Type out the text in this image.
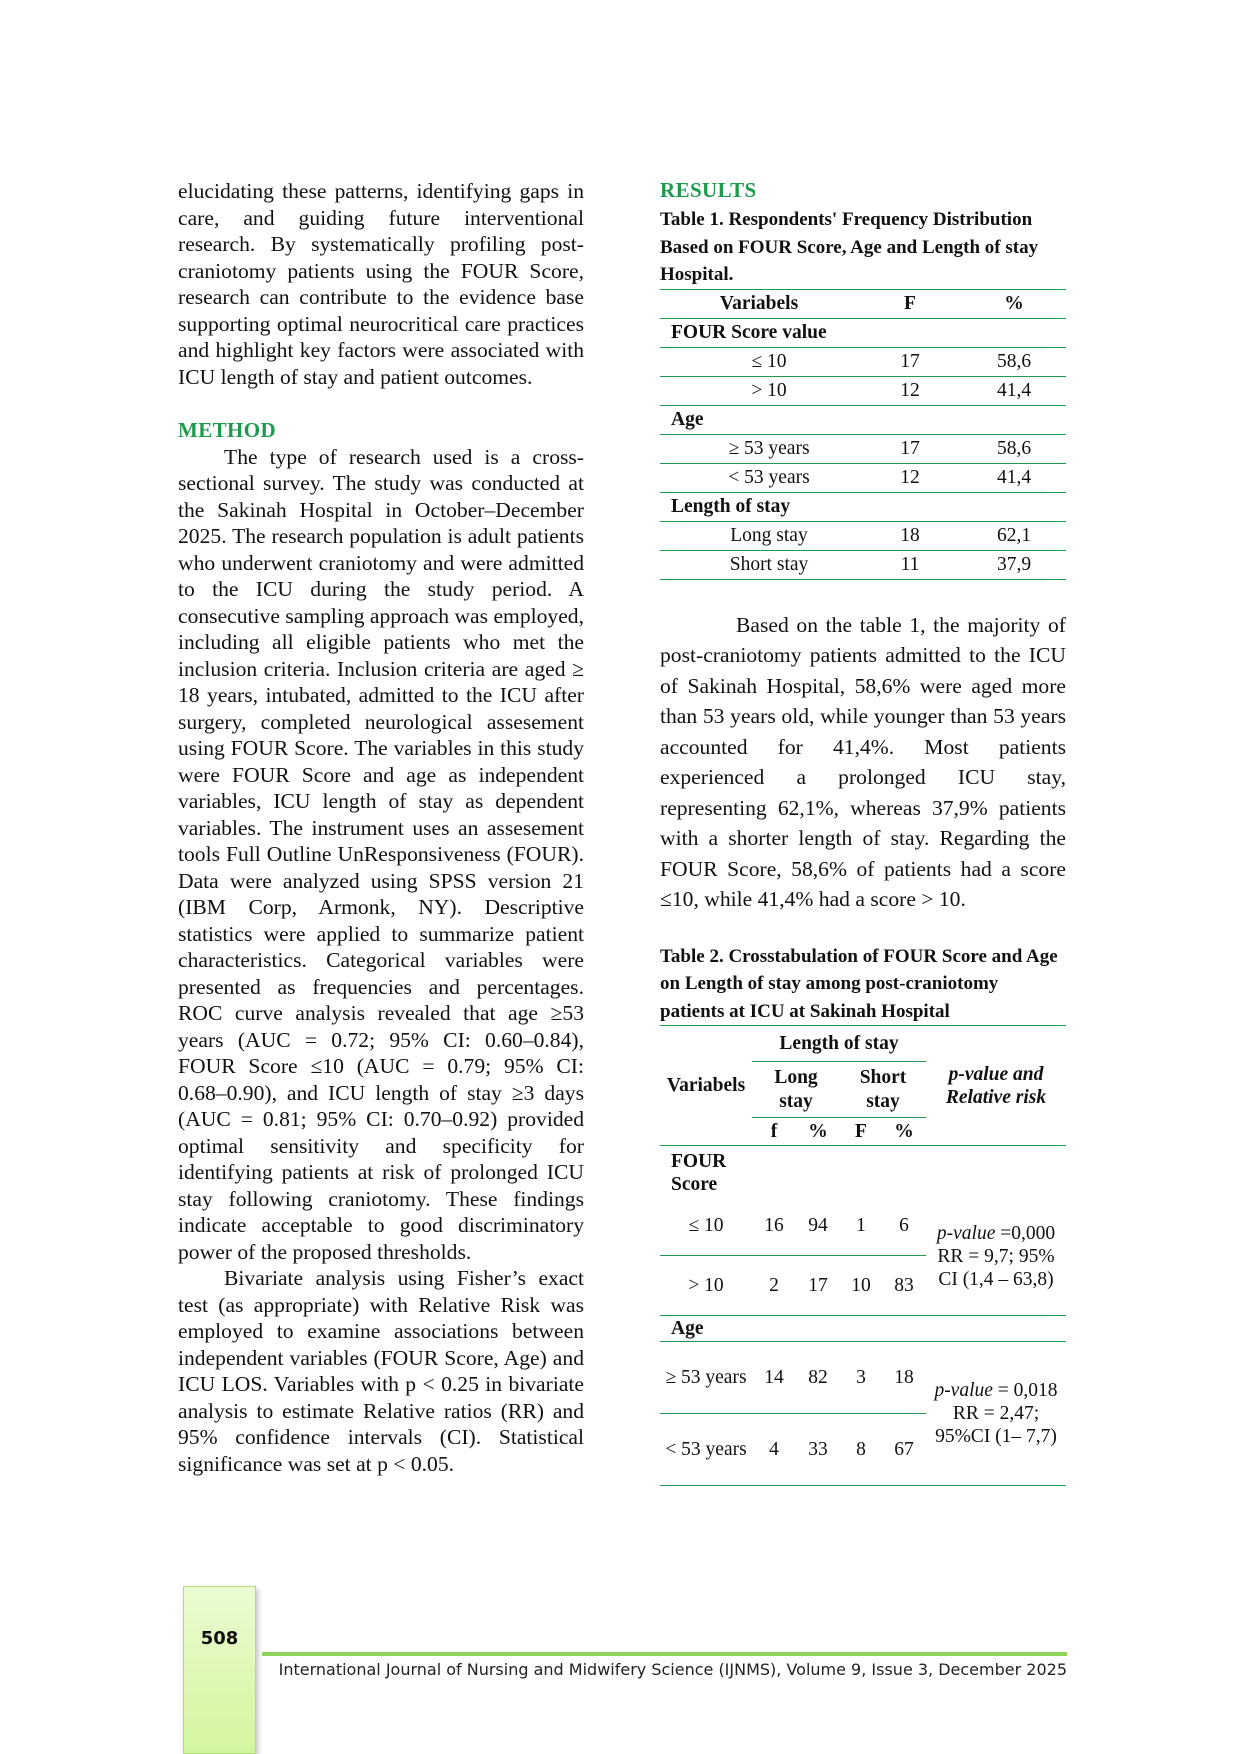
elucidating these patterns, identifying gaps in care, and guiding future interventional research. By systematically profiling post-craniotomy patients using the FOUR Score, research can contribute to the evidence base supporting optimal neurocritical care practices and highlight key factors were associated with ICU length of stay and patient outcomes.

METHOD

The type of research used is a cross-sectional survey. The study was conducted at the Sakinah Hospital in October–December 2025. The research population is adult patients who underwent craniotomy and were admitted to the ICU during the study period. A consecutive sampling approach was employed, including all eligible patients who met the inclusion criteria. Inclusion criteria are aged ≥ 18 years, intubated, admitted to the ICU after surgery, completed neurological assesement using FOUR Score. The variables in this study were FOUR Score and age as independent variables, ICU length of stay as dependent variables. The instrument uses an assesement tools Full Outline UnResponsiveness (FOUR). Data were analyzed using SPSS version 21 (IBM Corp, Armonk, NY). Descriptive statistics were applied to summarize patient characteristics. Categorical variables were presented as frequencies and percentages. ROC curve analysis revealed that age ≥53 years (AUC = 0.72; 95% CI: 0.60–0.84), FOUR Score ≤10 (AUC = 0.79; 95% CI: 0.68–0.90), and ICU length of stay ≥3 days (AUC = 0.81; 95% CI: 0.70–0.92) provided optimal sensitivity and specificity for identifying patients at risk of prolonged ICU stay following craniotomy. These findings indicate acceptable to good discriminatory power of the proposed thresholds.

Bivariate analysis using Fisher’s exact test (as appropriate) with Relative Risk was employed to examine associations between independent variables (FOUR Score, Age) and ICU LOS. Variables with p < 0.25 in bivariate analysis to estimate Relative ratios (RR) and 95% confidence intervals (CI). Statistical significance was set at p < 0.05.

RESULTS

Table 1. Respondents' Frequency Distribution Based on FOUR Score, Age and Length of stay Hospital.

Variabels	F	%
FOUR Score value		
≤ 10	17	58,6
> 10	12	41,4
Age		
≥ 53 years	17	58,6
< 53 years	12	41,4
Length of stay		
Long stay	18	62,1
Short stay	11	37,9

Based on the table 1, the majority of post-craniotomy patients admitted to the ICU of Sakinah Hospital, 58,6% were aged more than 53 years old, while younger than 53 years accounted for 41,4%. Most patients experienced a prolonged ICU stay, representing 62,1%, whereas 37,9% patients with a shorter length of stay. Regarding the FOUR Score, 58,6% of patients had a score ≤10, while 41,4% had a score > 10.

Table 2. Crosstabulation of FOUR Score and Age on Length of stay among post-craniotomy patients at ICU at Sakinah Hospital

Variabels	Length of stay				p-value and Relative risk
	Long stay		Short stay		
	f	%	F	%	
FOUR Score					
≤ 10	16	94	1	6	p-value =0,000 RR = 9,7; 95% CI (1,4 – 63,8)
> 10	2	17	10	83	
Age					
≥ 53 years	14	82	3	18	p-value = 0,018 RR = 2,47; 95%CI (1– 7,7)
< 53 years	4	33	8	67	
508
International Journal of Nursing and Midwifery Science (IJNMS), Volume 9, Issue 3, December 2025
